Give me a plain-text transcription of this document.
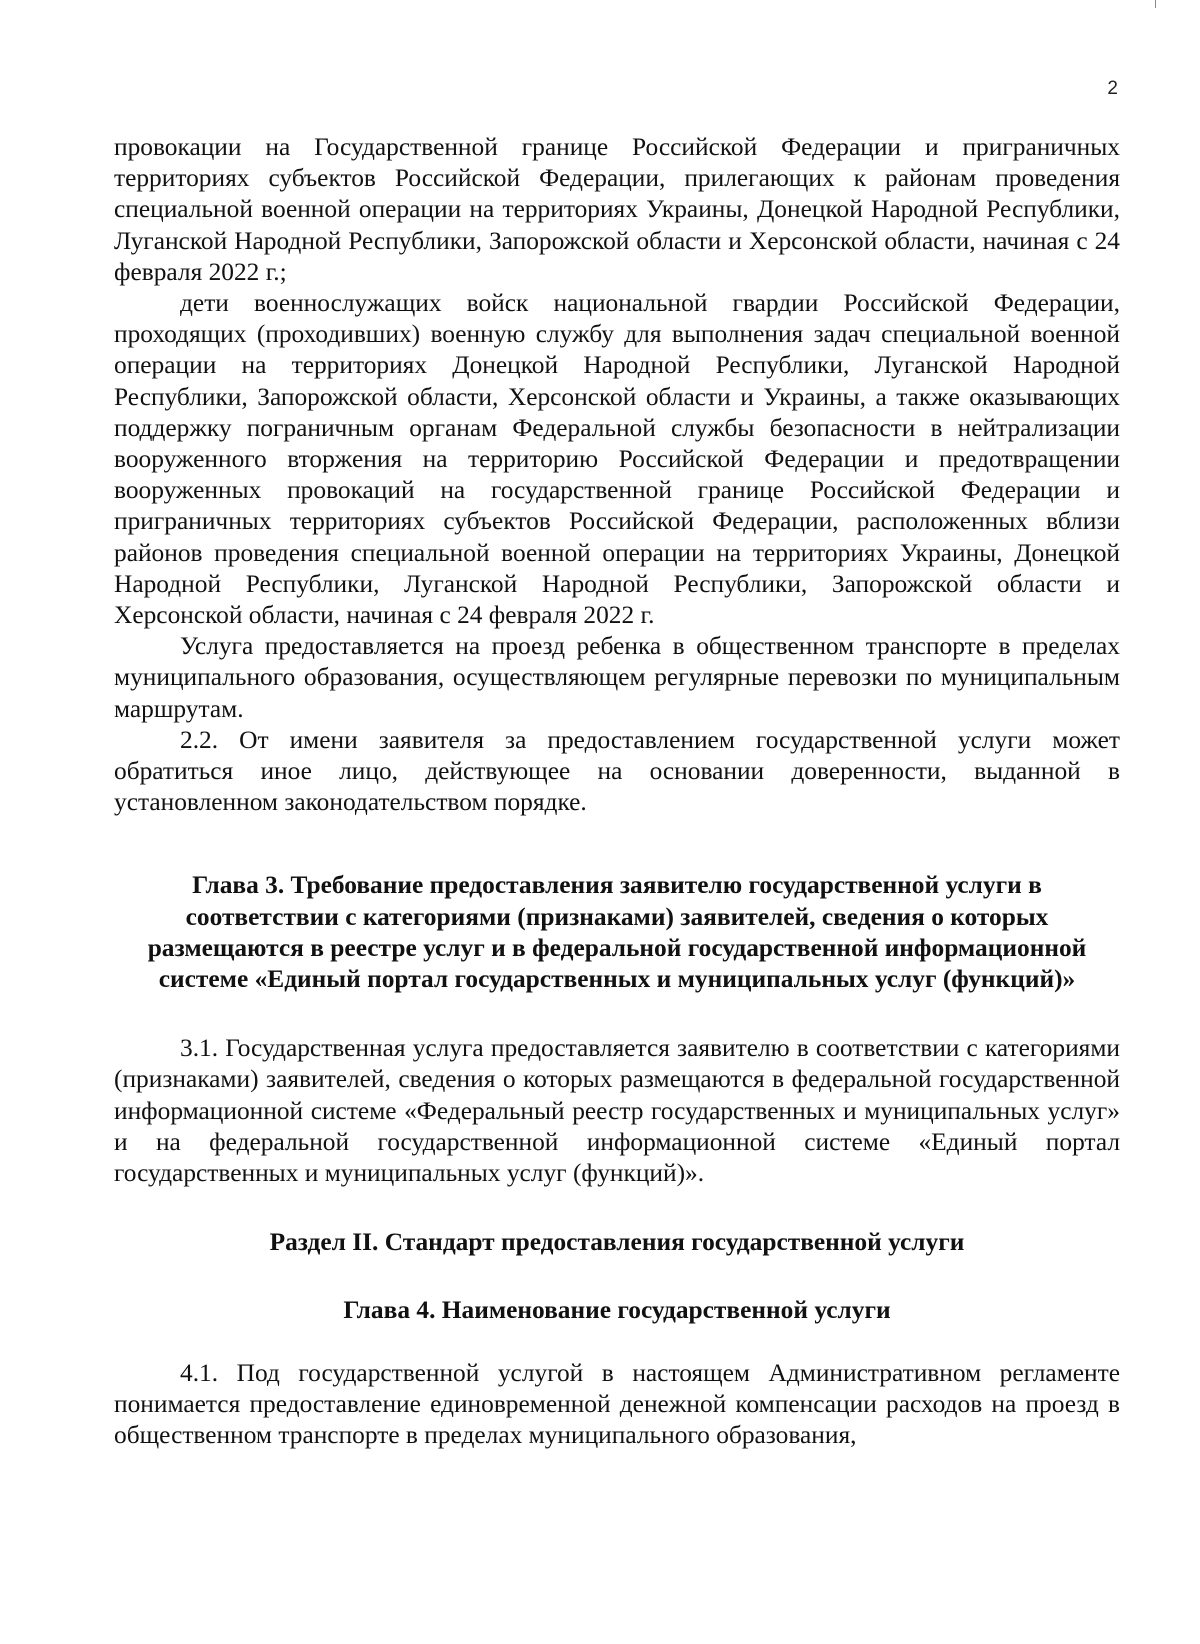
2

провокации на Государственной границе Российской Федерации и приграничных территориях субъектов Российской Федерации, прилегающих к районам проведения специальной военной операции на территориях Украины, Донецкой Народной Республики, Луганской Народной Республики, Запорожской области и Херсонской области, начиная с 24 февраля 2022 г.;

дети военнослужащих войск национальной гвардии Российской Федерации, проходящих (проходивших) военную службу для выполнения задач специальной военной операции на территориях Донецкой Народной Республики, Луганской Народной Республики, Запорожской области, Херсонской области и Украины, а также оказывающих поддержку пограничным органам Федеральной службы безопасности в нейтрализации вооруженного вторжения на территорию Российской Федерации и предотвращении вооруженных провокаций на государственной границе Российской Федерации и приграничных территориях субъектов Российской Федерации, расположенных вблизи районов проведения специальной военной операции на территориях Украины, Донецкой Народной Республики, Луганской Народной Республики, Запорожской области и Херсонской области, начиная с 24 февраля 2022 г.

Услуга предоставляется на проезд ребенка в общественном транспорте в пределах муниципального образования, осуществляющем регулярные перевозки по муниципальным маршрутам.

2.2. От имени заявителя за предоставлением государственной услуги может обратиться иное лицо, действующее на основании доверенности, выданной в установленном законодательством порядке.

Глава 3. Требование предоставления заявителю государственной услуги в соответствии с категориями (признаками) заявителей, сведения о которых размещаются в реестре услуг и в федеральной государственной информационной системе «Единый портал государственных и муниципальных услуг (функций)»

3.1. Государственная услуга предоставляется заявителю в соответствии с категориями (признаками) заявителей, сведения о которых размещаются в федеральной государственной информационной системе «Федеральный реестр государственных и муниципальных услуг» и на федеральной государственной информационной системе «Единый портал государственных и муниципальных услуг (функций)».

Раздел II. Стандарт предоставления государственной услуги
Глава 4. Наименование государственной услуги

4.1. Под государственной услугой в настоящем Административном регламенте понимается предоставление единовременной денежной компенсации расходов на проезд в общественном транспорте в пределах муниципального образования,
